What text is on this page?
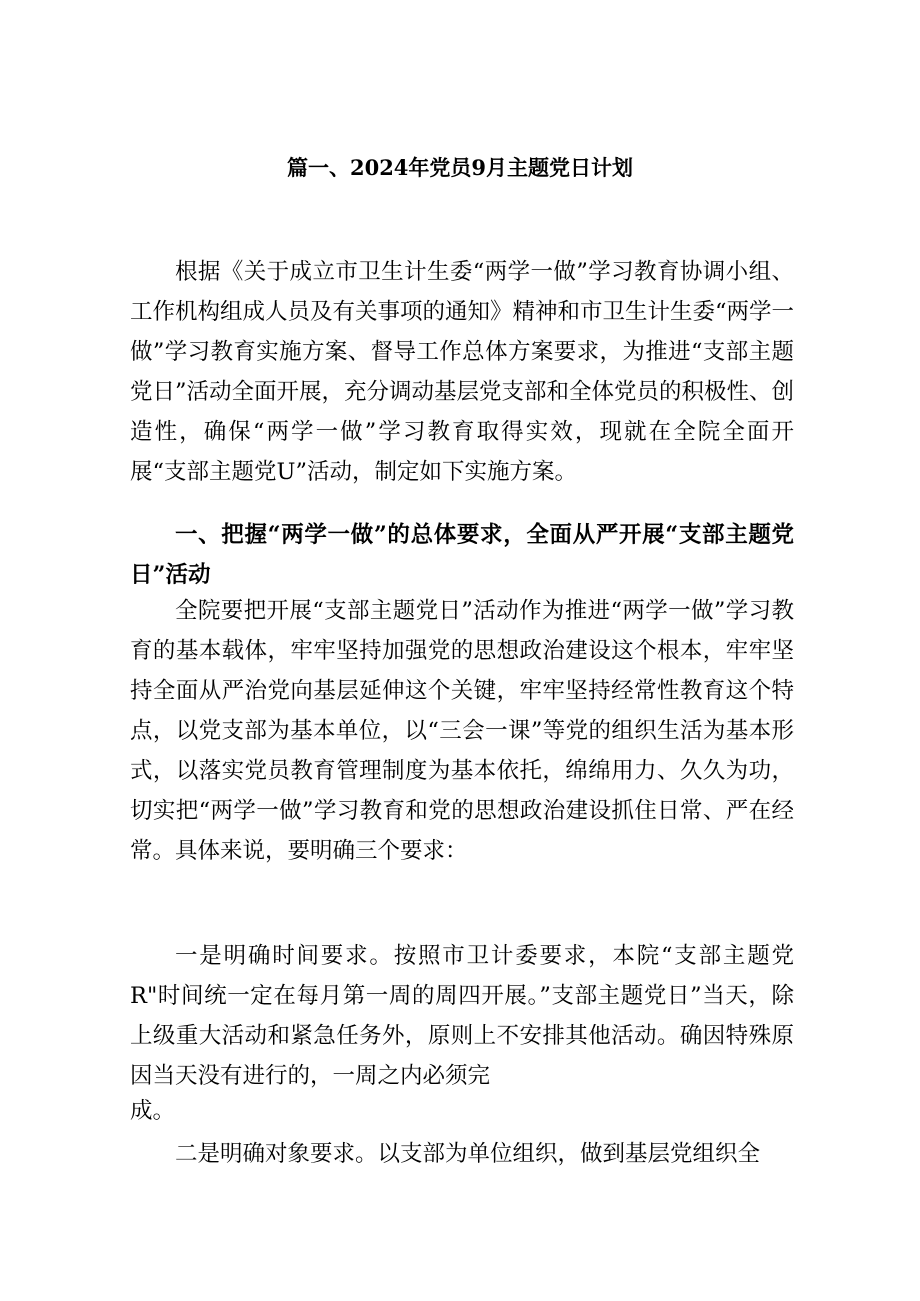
篇一、2024年党员9月主题党日计划

根据《关于成立市卫生计生委“两学一做”学习教育协调小组、工作机构组成人员及有关事项的通知》精神和市卫生计生委“两学一做”学习教育实施方案、督导工作总体方案要求，为推进“支部主题党日”活动全面开展，充分调动基层党支部和全体党员的积极性、创造性，确保“两学一做”学习教育取得实效，现就在全院全面开展“支部主题党U”活动，制定如下实施方案。

一、把握“两学一做”的总体要求，全面从严开展“支部主题党日”活动

全院要把开展“支部主题党日”活动作为推进“两学一做”学习教育的基本载体，牢牢坚持加强党的思想政治建设这个根本，牢牢坚持全面从严治党向基层延伸这个关键，牢牢坚持经常性教育这个特点，以党支部为基本单位，以“三会一课”等党的组织生活为基本形式，以落实党员教育管理制度为基本依托，绵绵用力、久久为功，切实把“两学一做”学习教育和党的思想政治建设抓住日常、严在经常。具体来说，要明确三个要求：

一是明确时间要求。按照市卫计委要求，本院“支部主题党R"时间统一定在每月第一周的周四开展。”支部主题党日”当天，除上级重大活动和紧急任务外，原则上不安排其他活动。确因特殊原因当天没有进行的，一周之内必须完

成。

二是明确对象要求。以支部为单位组织，做到基层党组织全
